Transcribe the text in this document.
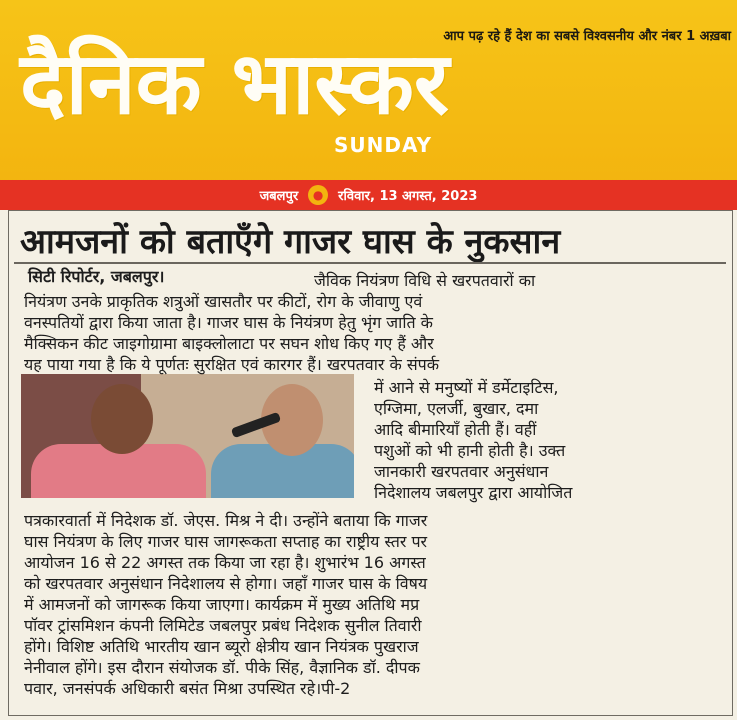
आप पढ़ रहे हैं देश का सबसे विश्वसनीय और नंबर 1 अख़बा
दैनिक भास्कर
SUNDAY
जबलपुर	●	रविवार, 13 अगस्त, 2023
आमजनों को बताएँगे गाजर घास के नुकसान
सिटी रिपोर्टर, जबलपुर।	जैविक नियंत्रण विधि से खरपतवारों का
नियंत्रण उनके प्राकृतिक शत्रुओं खासतौर पर कीटों, रोग के जीवाणु एवं
वनस्पतियों द्वारा किया जाता है। गाजर घास के नियंत्रण हेतु भृंग जाति के
मैक्सिकन कीट जाइगोग्रामा बाइक्लोलाटा पर सघन शोध किए गए हैं और
यह पाया गया है कि ये पूर्णतः सुरक्षित एवं कारगर हैं। खरपतवार के संपर्क
में आने से मनुष्यों में डर्मेटाइटिस,
एग्जिमा, एलर्जी, बुखार, दमा
आदि बीमारियाँ होती हैं। वहीं
पशुओं को भी हानी होती है। उक्त
जानकारी खरपतवार अनुसंधान
निदेशालय जबलपुर द्वारा आयोजित
पत्रकारवार्ता में निदेशक डॉ. जेएस. मिश्र ने दी। उन्होंने बताया कि गाजर
घास नियंत्रण के लिए गाजर घास जागरूकता सप्ताह का राष्ट्रीय स्तर पर
आयोजन 16 से 22 अगस्त तक किया जा रहा है। शुभारंभ 16 अगस्त
को खरपतवार अनुसंधान निदेशालय से होगा। जहाँ गाजर घास के विषय
में आमजनों को जागरूक किया जाएगा। कार्यक्रम में मुख्य अतिथि मप्र
पॉवर ट्रांसमिशन कंपनी लिमिटेड जबलपुर प्रबंध निदेशक सुनील तिवारी
होंगे। विशिष्ट अतिथि भारतीय खान ब्यूरो क्षेत्रीय खान नियंत्रक पुखराज
नेनीवाल होंगे। इस दौरान संयोजक डॉ. पीके सिंह, वैज्ञानिक डॉ. दीपक
पवार, जनसंपर्क अधिकारी बसंत मिश्रा उपस्थित रहे।पी-2
